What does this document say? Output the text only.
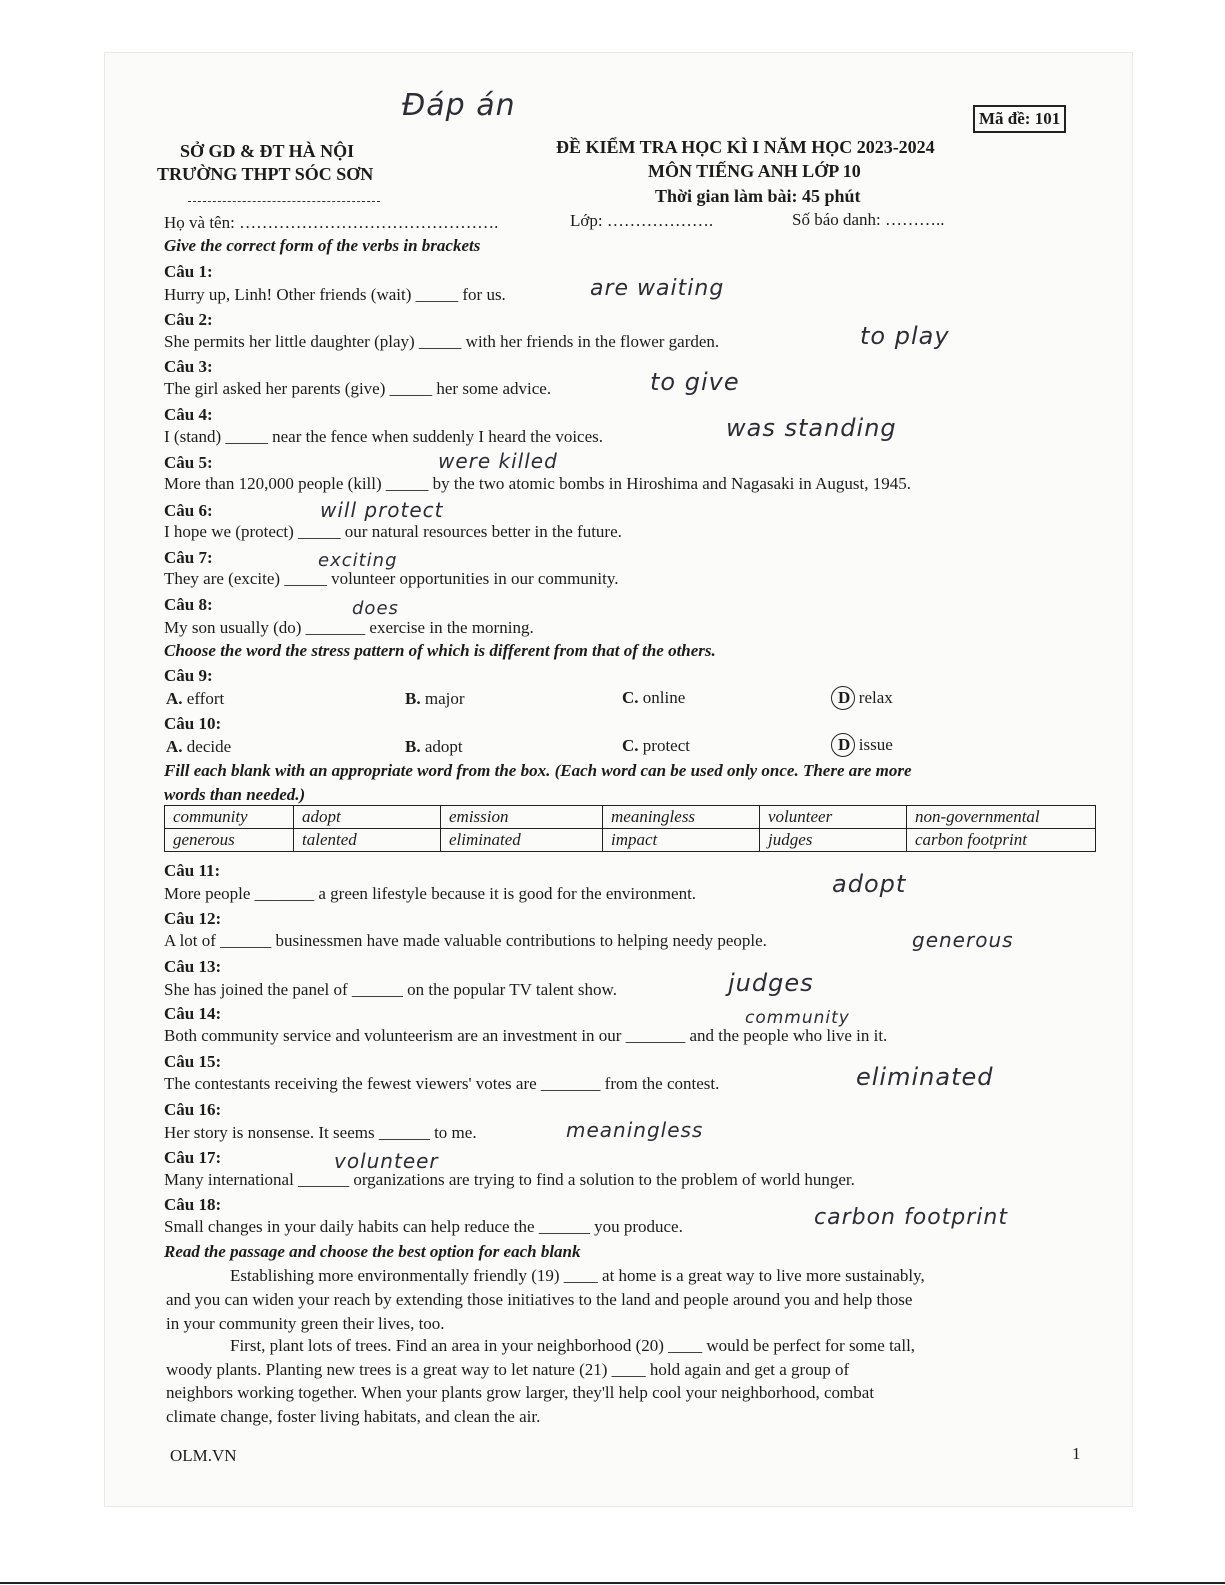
Đáp án	Mã đề: 101
SỞ GD & ĐT HÀ NỘI
TRƯỜNG THPT SÓC SƠN
ĐỀ KIỂM TRA HỌC KÌ I NĂM HỌC 2023-2024
MÔN TIẾNG ANH LỚP 10
Thời gian làm bài: 45 phút
Họ và tên: ……………………………………….	Lớp: ……………….	Số báo danh: ………..
Give the correct form of the verbs in brackets
Câu 1:
Hurry up, Linh! Other friends (wait) _____ for us.	are waiting
Câu 2:
She permits her little daughter (play) _____ with her friends in the flower garden.	to play
Câu 3:
The girl asked her parents (give) _____ her some advice.	to give
Câu 4:
I (stand) _____ near the fence when suddenly I heard the voices.	was standing
Câu 5:	were killed
More than 120,000 people (kill) _____ by the two atomic bombs in Hiroshima and Nagasaki in August, 1945.
Câu 6:	will protect
I hope we (protect) _____ our natural resources better in the future.
Câu 7:	exciting
They are (excite) _____ volunteer opportunities in our community.
Câu 8:	does
My son usually (do) _______ exercise in the morning.
Choose the word the stress pattern of which is different from that of the others.
Câu 9:
A. effort	B. major	C. online	D relax
Câu 10:
A. decide	B. adopt	C. protect	D issue
Fill each blank with an appropriate word from the box. (Each word can be used only once. There are more
words than needed.)
community	adopt	emission	meaningless	volunteer	non-governmental
generous	talented	eliminated	impact	judges	carbon footprint
Câu 11:
More people _______ a green lifestyle because it is good for the environment.	adopt
Câu 12:
A lot of ______ businessmen have made valuable contributions to helping needy people.	generous
Câu 13:
She has joined the panel of ______ on the popular TV talent show.	judges
Câu 14:	community
Both community service and volunteerism are an investment in our _______ and the people who live in it.
Câu 15:
The contestants receiving the fewest viewers' votes are _______ from the contest.	eliminated
Câu 16:
Her story is nonsense. It seems ______ to me.	meaningless
Câu 17:	volunteer
Many international ______ organizations are trying to find a solution to the problem of world hunger.
Câu 18:
Small changes in your daily habits can help reduce the ______ you produce.	carbon footprint
Read the passage and choose the best option for each blank
Establishing more environmentally friendly (19) ____ at home is a great way to live more sustainably,
and you can widen your reach by extending those initiatives to the land and people around you and help those
in your community green their lives, too.
First, plant lots of trees. Find an area in your neighborhood (20) ____ would be perfect for some tall,
woody plants. Planting new trees is a great way to let nature (21) ____ hold again and get a group of
neighbors working together. When your plants grow larger, they'll help cool your neighborhood, combat
climate change, foster living habitats, and clean the air.
OLM.VN	1
